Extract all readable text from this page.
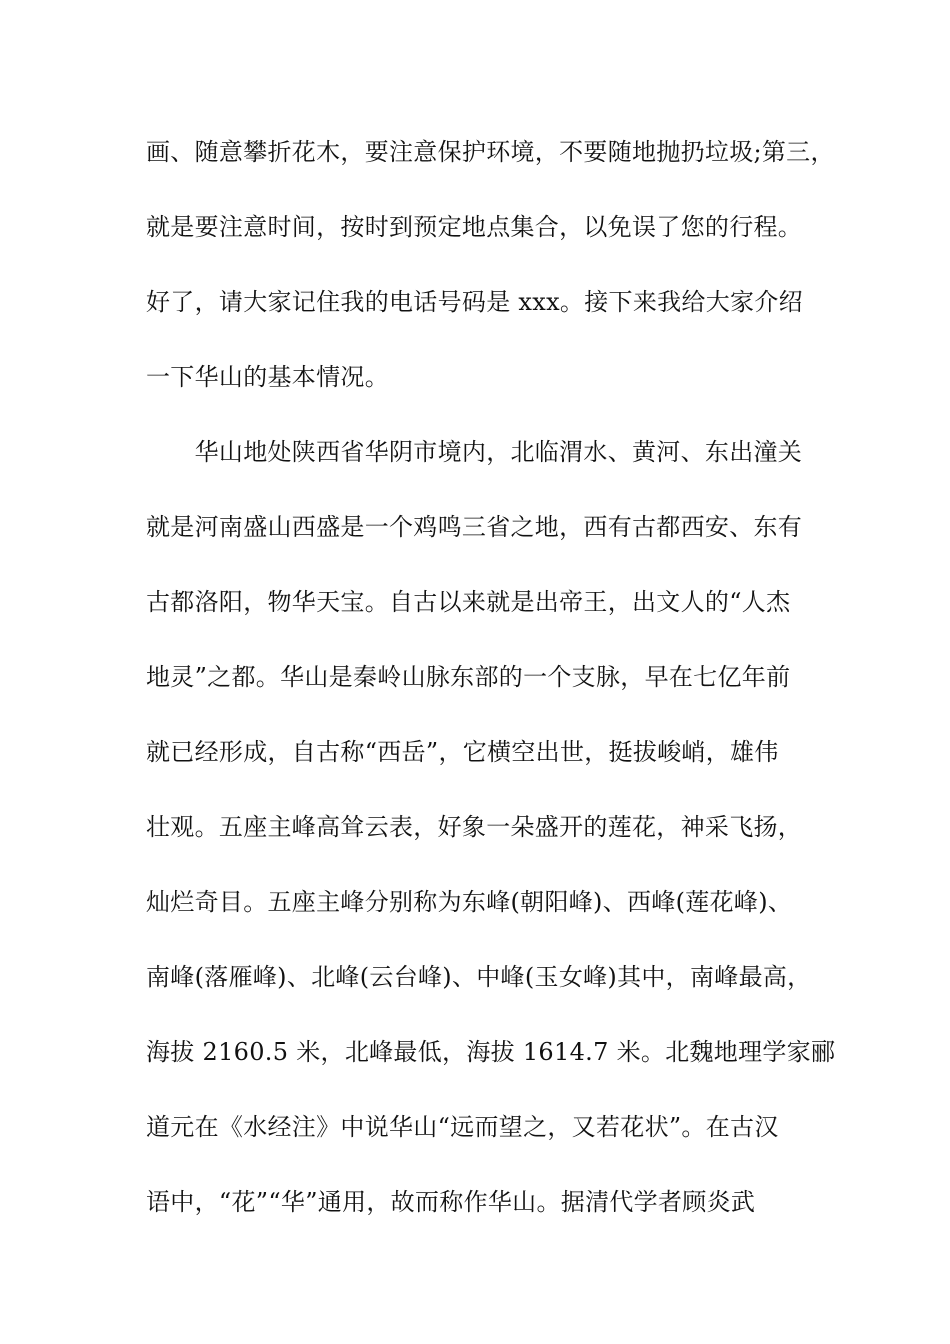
画、随意攀折花木，要注意保护环境，不要随地抛扔垃圾;第三，
就是要注意时间，按时到预定地点集合，以免误了您的行程。
好了，请大家记住我的电话号码是 xxx。接下来我给大家介绍
一下华山的基本情况。
　　华山地处陕西省华阴市境内，北临渭水、黄河、东出潼关
就是河南盛山西盛是一个鸡鸣三省之地，西有古都西安、东有
古都洛阳，物华天宝。自古以来就是出帝王，出文人的“人杰
地灵”之都。华山是秦岭山脉东部的一个支脉，早在七亿年前
就已经形成，自古称“西岳”，它横空出世，挺拔峻峭，雄伟
壮观。五座主峰高耸云表，好象一朵盛开的莲花，神采飞扬，
灿烂奇目。五座主峰分别称为东峰(朝阳峰)、西峰(莲花峰)、
南峰(落雁峰)、北峰(云台峰)、中峰(玉女峰)其中，南峰最高，
海拔 2160.5 米，北峰最低，海拔 1614.7 米。北魏地理学家郦
道元在《水经注》中说华山“远而望之，又若花状”。在古汉
语中，“花”“华”通用，故而称作华山。据清代学者顾炎武
